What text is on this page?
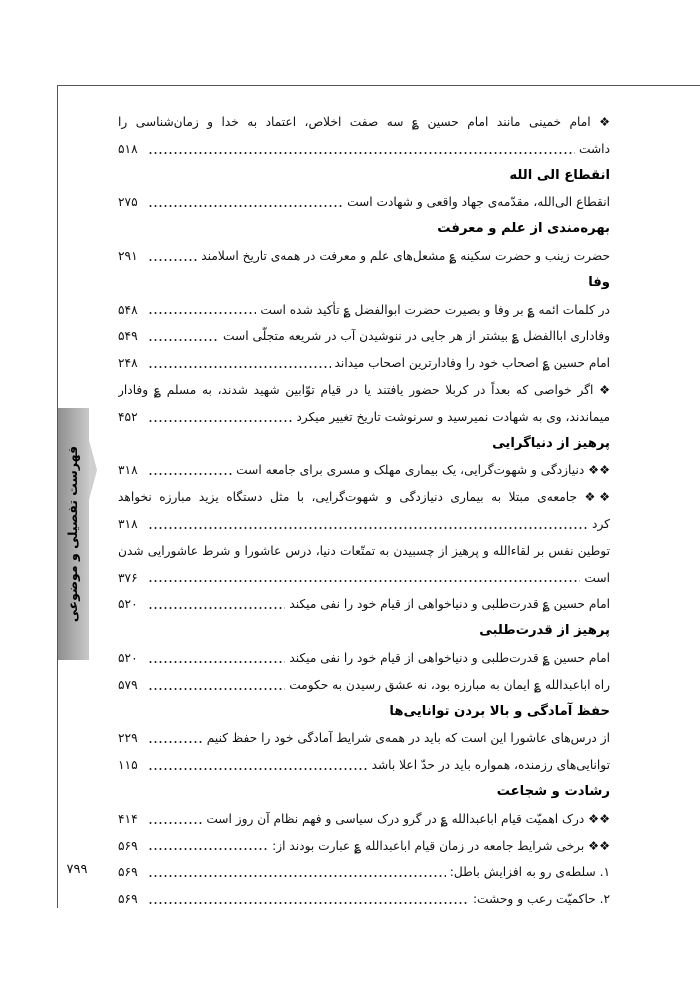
فهرست تفصیلی و موضوعی
۷۹۹
❖ امام خمینی مانند امام حسین ؏ سه صفت اخلاص، اعتماد به خدا و زمان‌شناسی را
داشت
۵۱۸
انقطاع الی الله
انقطاع الی‌الله، مقدّمه‌ی جهاد واقعی و شهادت است
۲۷۵
بهره‌مندی از علم و معرفت
حضرت زینب و حضرت سکینه ؏ مشعل‌های علم و معرفت در همه‌ی تاریخ اسلامند
۲۹۱
وفا
در کلمات ائمه ؏ بر وفا و بصیرت حضرت ابوالفضل ؏ تأکید شده است
۵۴۸
وفاداری اباالفضل ؏ بیشتر از هر جایی در ننوشیدن آب در شریعه متجلّی است
۵۴۹
امام حسین ؏ اصحاب خود را وفادارترین اصحاب میداند
۲۴۸
❖ اگر خواصی که بعداً در کربلا حضور یافتند یا در قیام توّابین شهید شدند، به مسلم ؏ وفادار
میماندند، وی به شهادت نمیرسید و سرنوشت تاریخ تغییر میکرد
۴۵۲
پرهیز از دنیاگرایی
❖❖ دنیازدگی و شهوت‌گرایی، یک بیماری مهلک و مسری برای جامعه است
۳۱۸
❖❖ جامعه‌ی مبتلا به بیماری دنیازدگی و شهوت‌گرایی، با مثل دستگاه یزید مبارزه نخواهد
کرد
۳۱۸
توطین نفس بر لقاءالله و پرهیز از چسبیدن به تمتّعات دنیا، درس عاشورا و شرط عاشورایی شدن
است
۳۷۶
امام حسین ؏ قدرت‌طلبی و دنیاخواهی از قیام خود را نفی میکند
۵۲۰
پرهیز از قدرت‌طلبی
امام حسین ؏ قدرت‌طلبی و دنیاخواهی از قیام خود را نفی میکند
۵۲۰
راه اباعبدالله ؏ ایمان به مبارزه بود، نه عشق رسیدن به حکومت
۵۷۹
حفظ آمادگی و بالا بردن توانایی‌ها
از درس‌های عاشورا این است که باید در همه‌ی شرایط آمادگی خود را حفظ کنیم
۲۲۹
توانایی‌های رزمنده، همواره باید در حدّ اعلا باشد
۱۱۵
رشادت و شجاعت
❖❖ درک اهمیّت قیام اباعبدالله ؏ در گرو درک سیاسی و فهم نظام آن روز است
۴۱۴
❖❖ برخی شرایط جامعه در زمان قیام اباعبدالله ؏ عبارت بودند از:
۵۶۹
۱. سلطه‌ی رو به افزایش باطل:
۵۶۹
۲. حاکمیّت رعب و وحشت:
۵۶۹
